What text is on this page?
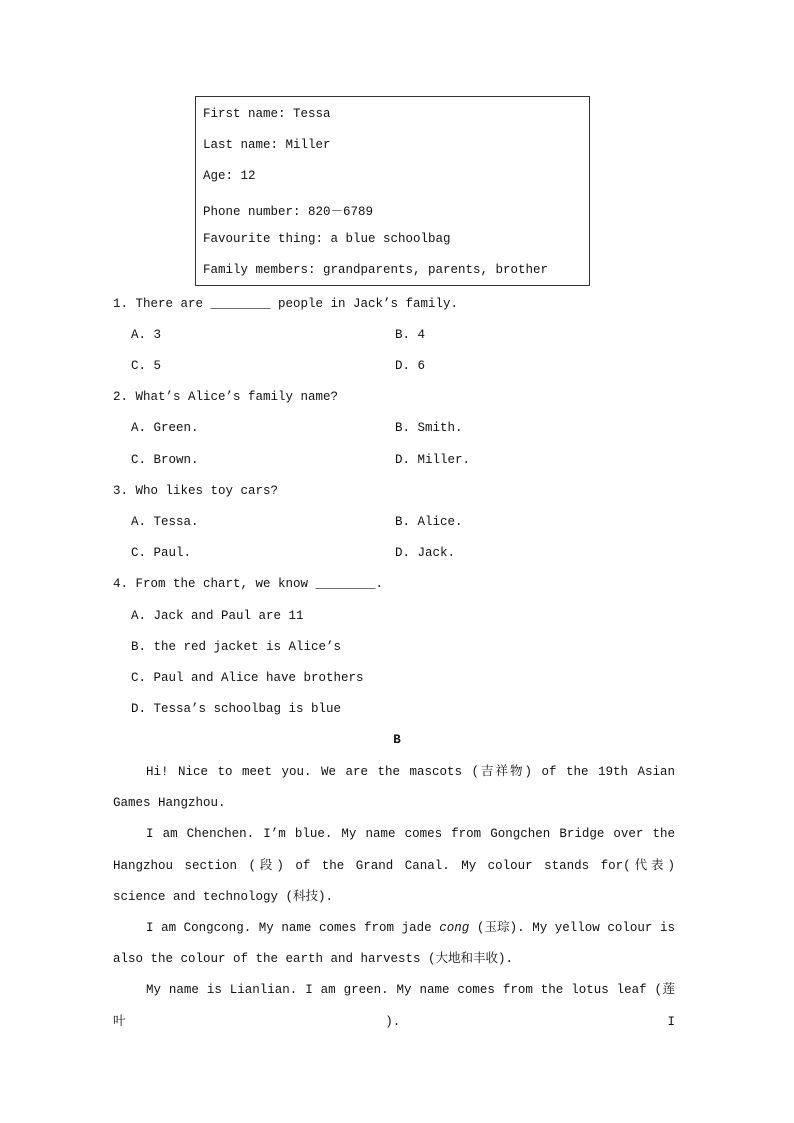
First name: Tessa
Last name: Miller
Age: 12
Phone number: 820－6789
Favourite thing: a blue schoolbag
Family members: grandparents, parents, brother
1. There are ________ people in Jack’s family.
A. 3	B. 4
C. 5	D. 6
2. What’s Alice’s family name?
A. Green.	B. Smith.
C. Brown.	D. Miller.
3. Who likes toy cars?
A. Tessa.	B. Alice.
C. Paul.	D. Jack.
4. From the chart, we know ________.
A. Jack and Paul are 11
B. the red jacket is Alice’s
C. Paul and Alice have brothers
D. Tessa’s schoolbag is blue
B

Hi! Nice to meet you. We are the mascots (吉祥物) of the 19th Asian Games Hangzhou.

I am Chenchen. I’m blue. My name comes from Gongchen Bridge over the Hangzhou section (段) of the Grand Canal. My colour stands for(代表) science and technology (科技).

I am Congcong. My name comes from jade cong (玉琮). My yellow colour is also the colour of the earth and harvests (大地和丰收).

My name is Lianlian. I am green. My name comes from the lotus leaf (莲叶). I
